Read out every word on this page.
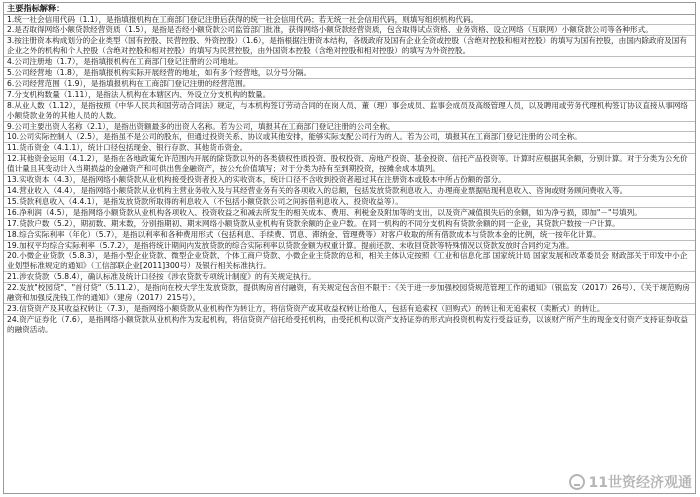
主要指标解释：
1.统一社会信用代码（1.1），是指填报机构在工商部门登记注册后获得的统一社会信用代码；若无统一社会信用代码，则填写组织机构代码。
2.是否取得网络小额贷款经营资质（1.5），是指是否经小额贷款公司监管部门批准，获得网络小额贷款经营资质，包含取得试点资格、业务资格、设立网络（互联网）小额贷款公司等各种形式。
3.按注册资本构成划分的企业类型（国有控股、民营控股、外资控股）（1.6），是指根据注册资本结构，各级政府及国有企业全资或控股（含绝对控股和相对控股）的填写为国有控股，由国内除政府及国有企业之外的机构和个人控股（含绝对控股和相对控股）的填写为民营控股，由外国资本控股（含绝对控股和相对控股）的填写为外资控股。
4.公司注册地（1.7），是指填报机构在工商部门登记注册的公司地址。
5.公司经营地（1.8），是指填报机构实际开展经营的地址，如有多个经营地，以分号分隔。
6.公司经营范围（1.9），是指填报机构在工商部门登记注册的经营范围。
7.分支机构数量（1.11），是指法人机构在本辖区内、外设立分支机构的数量。
8.从业人数（1.12），是指按照《中华人民共和国劳动合同法》规定，与本机构签订劳动合同的在岗人员、董（理）事会成员、监事会成员及高级管理人员，以及聘用或劳务代理机构签订协议直接从事网络小额贷款业务的其他人员的人数。
9.公司主要出资人名称（2.1），是指出资额最多的出资人名称。若为公司，填报其在工商部门登记注册的公司全称。
10.公司实际控制人（2.5），是指虽不是公司的股东，但通过投资关系、协议或其他安排，能够实际支配公司行为的人。若为公司，填报其在工商部门登记注册的公司全称。
11.货币资金（4.1.1），统计口径包括现金、银行存款、其他货币资金。
12.其他资金运用（4.1.2），是指在各地政策允许范围内开展的除贷款以外的各类债权性质投资、股权投资、房地产投资、基金投资、信托产品投资等。计算时应根据其余额，分别计算。对于分类为公允价值计量且其变动计入当期损益的金融资产和可供出售金融资产，按公允价值填写；对于分类为持有至到期投资，按摊余成本填列。
13.实收资本（4.3），是指网络小额贷款从业机构接受投资者投入的实收资本，统计口径不含收到投资者超过其在注册资本或股本中所占份额的部分。
14.营业收入（4.4），是指网络小额贷款从业机构主营业务收入及与其经营业务有关的各项收入的总额，包括发放贷款利息收入、办理商业票据贴现利息收入、咨询或财务顾问费收入等。
15.贷款利息收入（4.4.1），是指发放贷款所取得的利息收入（不包括小额贷款公司之间拆借利息收入、投资收益等）。
16.净利润（4.5），是指网络小额贷款从业机构各项收入、投资收益之和减去所发生的相关成本、费用、利税金及附加等的支出，以及资产减值损失后的余额，如为净亏损，即加"－"号填列。
17.贷款户数（5.2），期初数、期末数，分别指期初、期末网络小额贷款从业机构有贷款余额的企业户数。在同一机构的不同分支机构有贷款余额的同一企业，其贷款户数按一户计算。
18.综合实际利率（年化）（5.7），是指以利率和各种费用形式（包括利息、手续费、罚息、滞纳金、管理费等）对客户收取的所有借款成本与贷款本金的比例，统一按年化计算。
19.加权平均综合实际利率（5.7.2），是指将统计期间内发放贷款的综合实际利率以贷款金额为权重计算。提前还款、未收回贷款等特殊情况以贷款发放时合同约定为准。
20.小微企业贷款（5.8.3），是指小型企业贷款、微型企业贷款、个体工商户贷款、小微企业主贷款的总和，相关主体认定按照《工业和信息化部 国家统计局 国家发展和改革委员会 财政部关于印发中小企业划型标准规定的通知》（工信部联企业[2011]300号）及银行相关标准执行。
21.涉农贷款（5.8.4），确认标准及统计口径按《涉农贷款专项统计制度》的有关规定执行。
22.发放"校园贷"、"首付贷"（5.11.2），是指向在校大学生发放贷款，提供购房首付融资，有关规定包含但不限于：《关于进一步加强校园贷规范管理工作的通知》（银监发（2017）26号）、《关于规范购房融资和加强反洗钱工作的通知》（建房（2017）215号）。
23.信贷资产及其收益权转让（7.3），是指网络小额贷款从业机构作为转让方，将信贷资产或其收益权转让给他人，包括有追索权（回购式）的转让和无追索权（卖断式）的转让。
24.资产证券化（7.6），是指网络小额贷款从业机构作为发起机构，将信贷资产信托给受托机构，由受托机构以资产支持证券的形式向投资机构发行受益证券，以该财产所产生的现金支付资产支持证券收益的融资活动。
11世资经济观通
